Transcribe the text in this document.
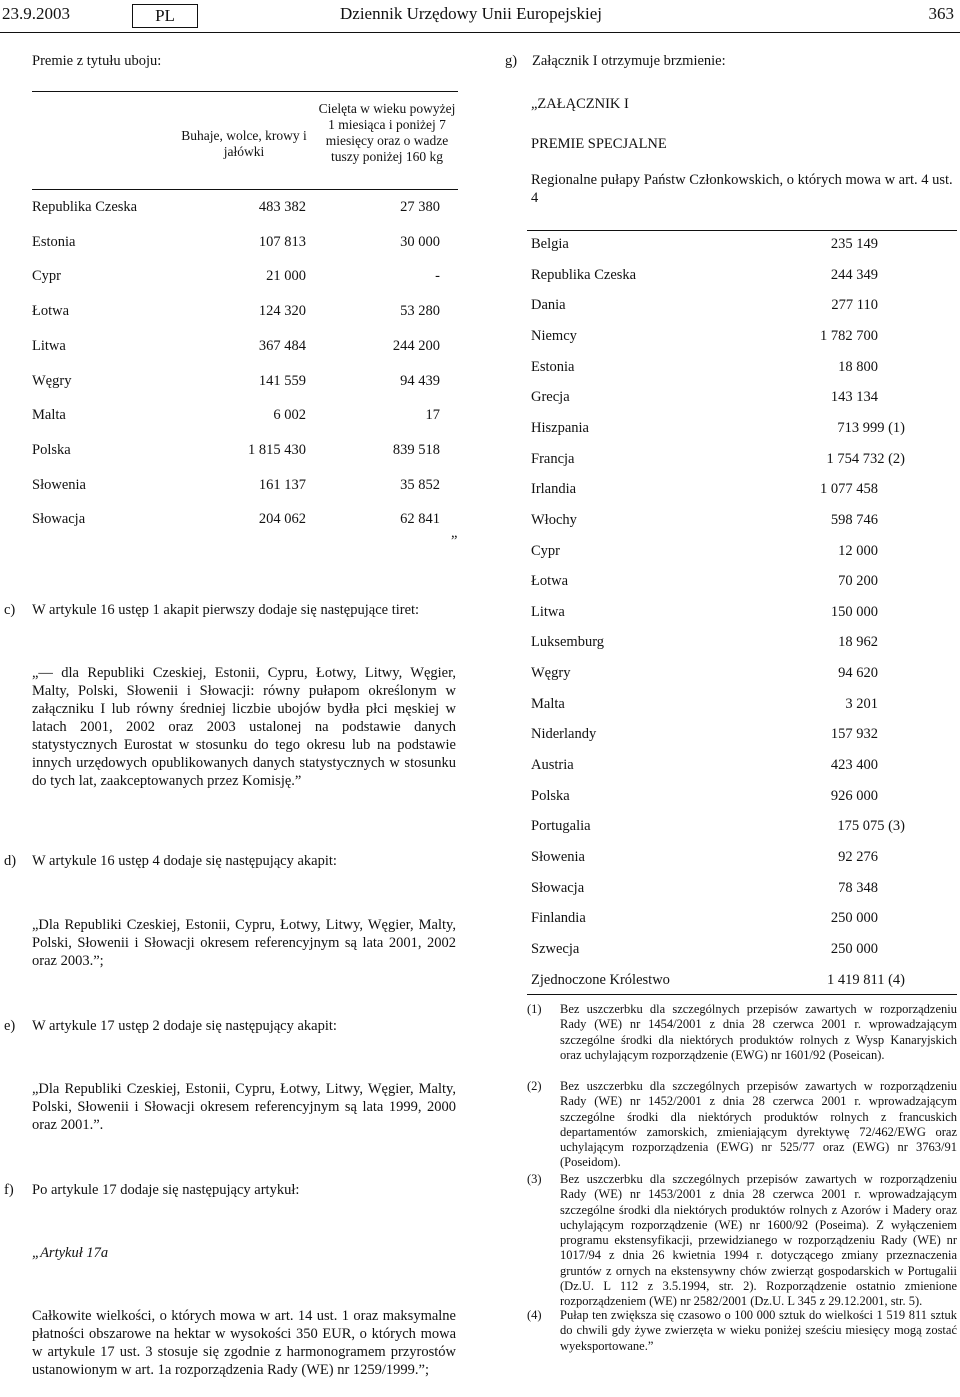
23.9.2003	PL	Dziennik Urzędowy Unii Europejskiej	363
Premie z tytułu uboju:
Buhaje, wolce, krowy i jałówki
Cielęta w wieku powyżej 1 miesiąca i poniżej 7 miesięcy oraz o wadze tuszy poniżej 160 kg
Republika Czeska	483 382	27 380
Estonia	107 813	30 000
Cypr	21 000	-
Łotwa	124 320	53 280
Litwa	367 484	244 200
Węgry	141 559	94 439
Malta	6 002	17
Polska	1 815 430	839 518
Słowenia	161 137	35 852
Słowacja	204 062	62 841
”
c) W artykule 16 ustęp 1 akapit pierwszy dodaje się następujące tiret:
„— dla Republiki Czeskiej, Estonii, Cypru, Łotwy, Litwy, Węgier, Malty, Polski, Słowenii i Słowacji: równy pułapom określonym w załączniku I lub równy średniej liczbie ubojów bydła płci męskiej w latach 2001, 2002 oraz 2003 ustalonej na podstawie danych statystycznych Eurostat w stosunku do tego okresu lub na podstawie innych urzędowych opublikowanych danych statystycznych w stosunku do tych lat, zaakceptowanych przez Komisję.”
d) W artykule 16 ustęp 4 dodaje się następujący akapit:
„Dla Republiki Czeskiej, Estonii, Cypru, Łotwy, Litwy, Węgier, Malty, Polski, Słowenii i Słowacji okresem referencyjnym są lata 2001, 2002 oraz 2003.”;
e) W artykule 17 ustęp 2 dodaje się następujący akapit:
„Dla Republiki Czeskiej, Estonii, Cypru, Łotwy, Litwy, Węgier, Malty, Polski, Słowenii i Słowacji okresem referencyjnym są lata 1999, 2000 oraz 2001.”.
f) Po artykule 17 dodaje się następujący artykuł:
„Artykuł 17a
Całkowite wielkości, o których mowa w art. 14 ust. 1 oraz maksymalne płatności obszarowe na hektar w wysokości 350 EUR, o których mowa w artykule 17 ust. 3 stosuje się zgodnie z harmonogramem przyrostów ustanowionym w art. 1a rozporządzenia Rady (WE) nr 1259/1999.”;
g) Załącznik I otrzymuje brzmienie:
„ZAŁĄCZNIK I
PREMIE SPECJALNE
Regionalne pułapy Państw Członkowskich, o których mowa w art. 4 ust. 4
Belgia	235 149
Republika Czeska	244 349
Dania	277 110
Niemcy	1 782 700
Estonia	18 800
Grecja	143 134
Hiszpania	713 999 (1)
Francja	1 754 732 (2)
Irlandia	1 077 458
Włochy	598 746
Cypr	12 000
Łotwa	70 200
Litwa	150 000
Luksemburg	18 962
Węgry	94 620
Malta	3 201
Niderlandy	157 932
Austria	423 400
Polska	926 000
Portugalia	175 075 (3)
Słowenia	92 276
Słowacja	78 348
Finlandia	250 000
Szwecja	250 000
Zjednoczone Królestwo	1 419 811 (4)
(1) Bez uszczerbku dla szczególnych przepisów zawartych w rozporządzeniu Rady (WE) nr 1454/2001 z dnia 28 czerwca 2001 r. wprowadzającym szczególne środki dla niektórych produktów rolnych z Wysp Kanaryjskich oraz uchylającym rozporządzenie (EWG) nr 1601/92 (Poseican).
(2) Bez uszczerbku dla szczególnych przepisów zawartych w rozporządzeniu Rady (WE) nr 1452/2001 z dnia 28 czerwca 2001 r. wprowadzającym szczególne środki dla niektórych produktów rolnych z francuskich departamentów zamorskich, zmieniającym dyrektywę 72/462/EWG oraz uchylającym rozporządzenia (EWG) nr 525/77 oraz (EWG) nr 3763/91 (Poseidom).
(3) Bez uszczerbku dla szczególnych przepisów zawartych w rozporządzeniu Rady (WE) nr 1453/2001 z dnia 28 czerwca 2001 r. wprowadzającym szczególne środki dla niektórych produktów rolnych z Azorów i Madery oraz uchylającym rozporządzenie (WE) nr 1600/92 (Poseima). Z wyłączeniem programu ekstensyfikacji, przewidzianego w rozporządzeniu Rady (WE) nr 1017/94 z dnia 26 kwietnia 1994 r. dotyczącego zmiany przeznaczenia gruntów z ornych na ekstensywny chów zwierząt gospodarskich w Portugalii (Dz.U. L 112 z 3.5.1994, str. 2). Rozporządzenie ostatnio zmienione rozporządzeniem (WE) nr 2582/2001 (Dz.U. L 345 z 29.12.2001, str. 5).
(4) Pułap ten zwiększa się czasowo o 100 000 sztuk do wielkości 1 519 811 sztuk do chwili gdy żywe zwierzęta w wieku poniżej sześciu miesięcy mogą zostać wyeksportowane.”
